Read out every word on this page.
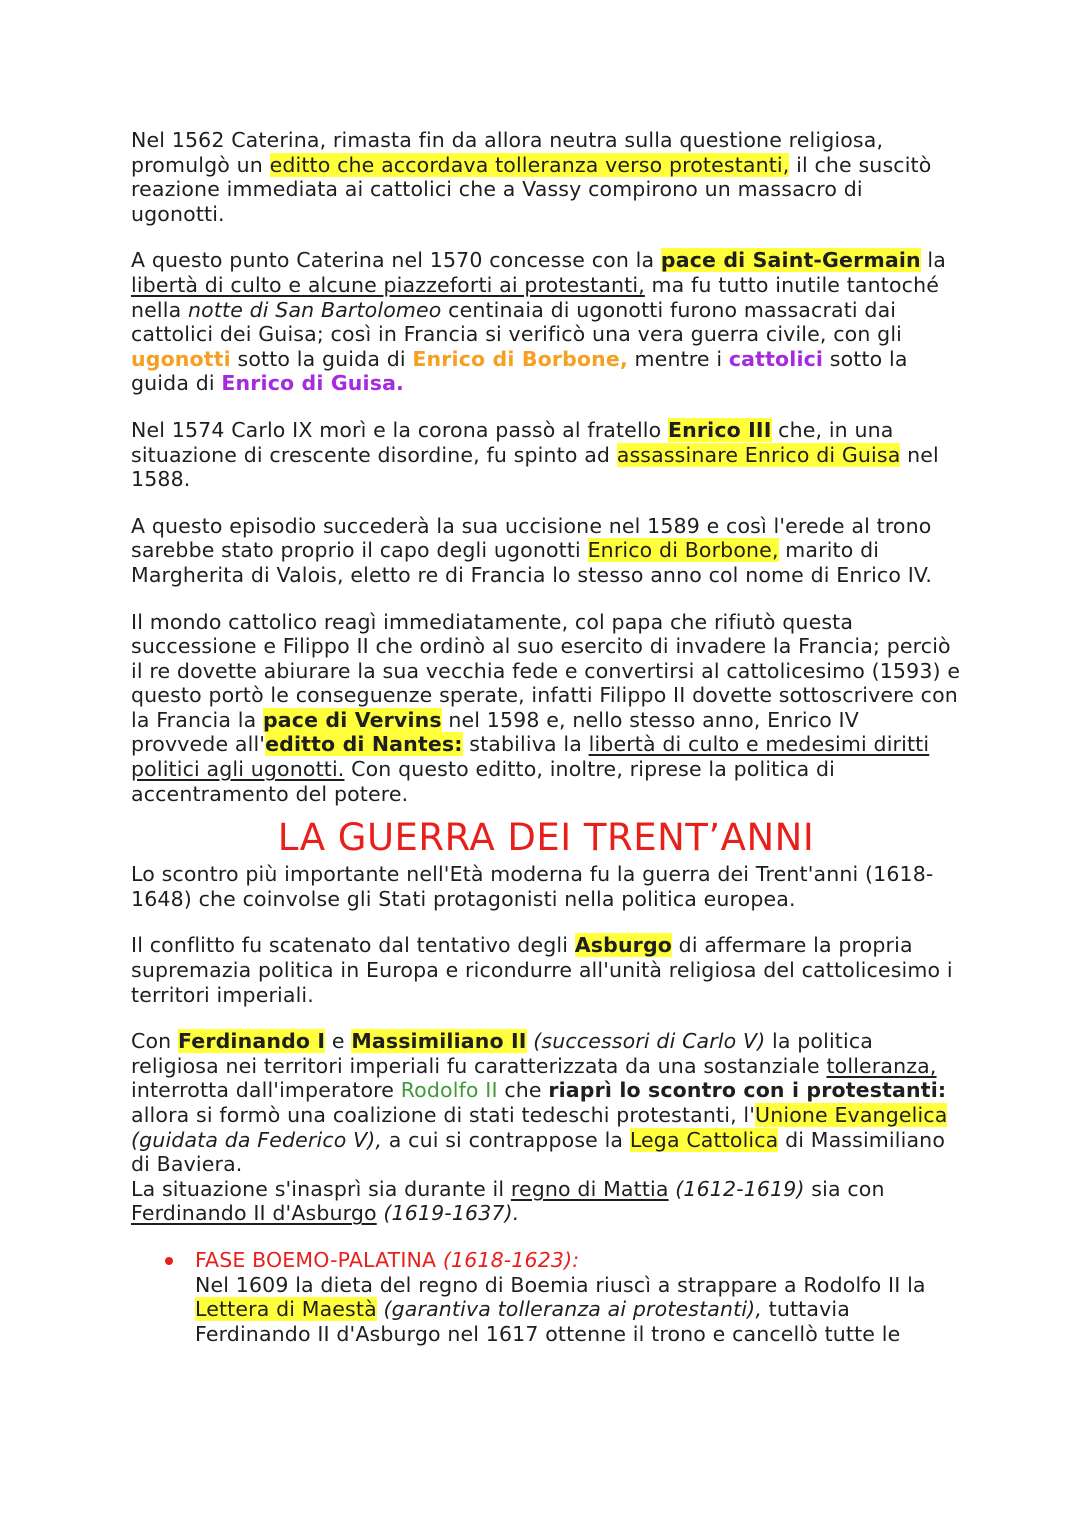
Nel 1562 Caterina, rimasta fin da allora neutra sulla questione religiosa, promulgò un editto che accordava tolleranza verso protestanti, il che suscitò reazione immediata ai cattolici che a Vassy compirono un massacro di ugonotti.

A questo punto Caterina nel 1570 concesse con la pace di Saint-Germain la libertà di culto e alcune piazzeforti ai protestanti, ma fu tutto inutile tantoché nella notte di San Bartolomeo centinaia di ugonotti furono massacrati dai cattolici dei Guisa; così in Francia si verificò una vera guerra civile, con gli ugonotti sotto la guida di Enrico di Borbone, mentre i cattolici sotto la guida di Enrico di Guisa.

Nel 1574 Carlo IX morì e la corona passò al fratello Enrico III che, in una situazione di crescente disordine, fu spinto ad assassinare Enrico di Guisa nel 1588.

A questo episodio succederà la sua uccisione nel 1589 e così l'erede al trono sarebbe stato proprio il capo degli ugonotti Enrico di Borbone, marito di Margherita di Valois, eletto re di Francia lo stesso anno col nome di Enrico IV.

Il mondo cattolico reagì immediatamente, col papa che rifiutò questa successione e Filippo II che ordinò al suo esercito di invadere la Francia; perciò il re dovette abiurare la sua vecchia fede e convertirsi al cattolicesimo (1593) e questo portò le conseguenze sperate, infatti Filippo II dovette sottoscrivere con la Francia la pace di Vervins nel 1598 e, nello stesso anno, Enrico IV provvede all'editto di Nantes: stabiliva la libertà di culto e medesimi diritti politici agli ugonotti. Con questo editto, inoltre, riprese la politica di accentramento del potere.

LA GUERRA DEI TRENT’ANNI

Lo scontro più importante nell'Età moderna fu la guerra dei Trent'anni (1618-1648) che coinvolse gli Stati protagonisti nella politica europea.

Il conflitto fu scatenato dal tentativo degli Asburgo di affermare la propria supremazia politica in Europa e ricondurre all'unità religiosa del cattolicesimo i territori imperiali.

Con Ferdinando I e Massimiliano II (successori di Carlo V) la politica religiosa nei territori imperiali fu caratterizzata da una sostanziale tolleranza, interrotta dall'imperatore Rodolfo II che riaprì lo scontro con i protestanti: allora si formò una coalizione di stati tedeschi protestanti, l'Unione Evangelica (guidata da Federico V), a cui si contrappose la Lega Cattolica di Massimiliano di Baviera.

La situazione s'inasprì sia durante il regno di Mattia (1612-1619) sia con Ferdinando II d'Asburgo (1619-1637).

FASE BOEMO-PALATINA (1618-1623):
Nel 1609 la dieta del regno di Boemia riuscì a strappare a Rodolfo II la Lettera di Maestà (garantiva tolleranza ai protestanti), tuttavia Ferdinando II d'Asburgo nel 1617 ottenne il trono e cancellò tutte le
